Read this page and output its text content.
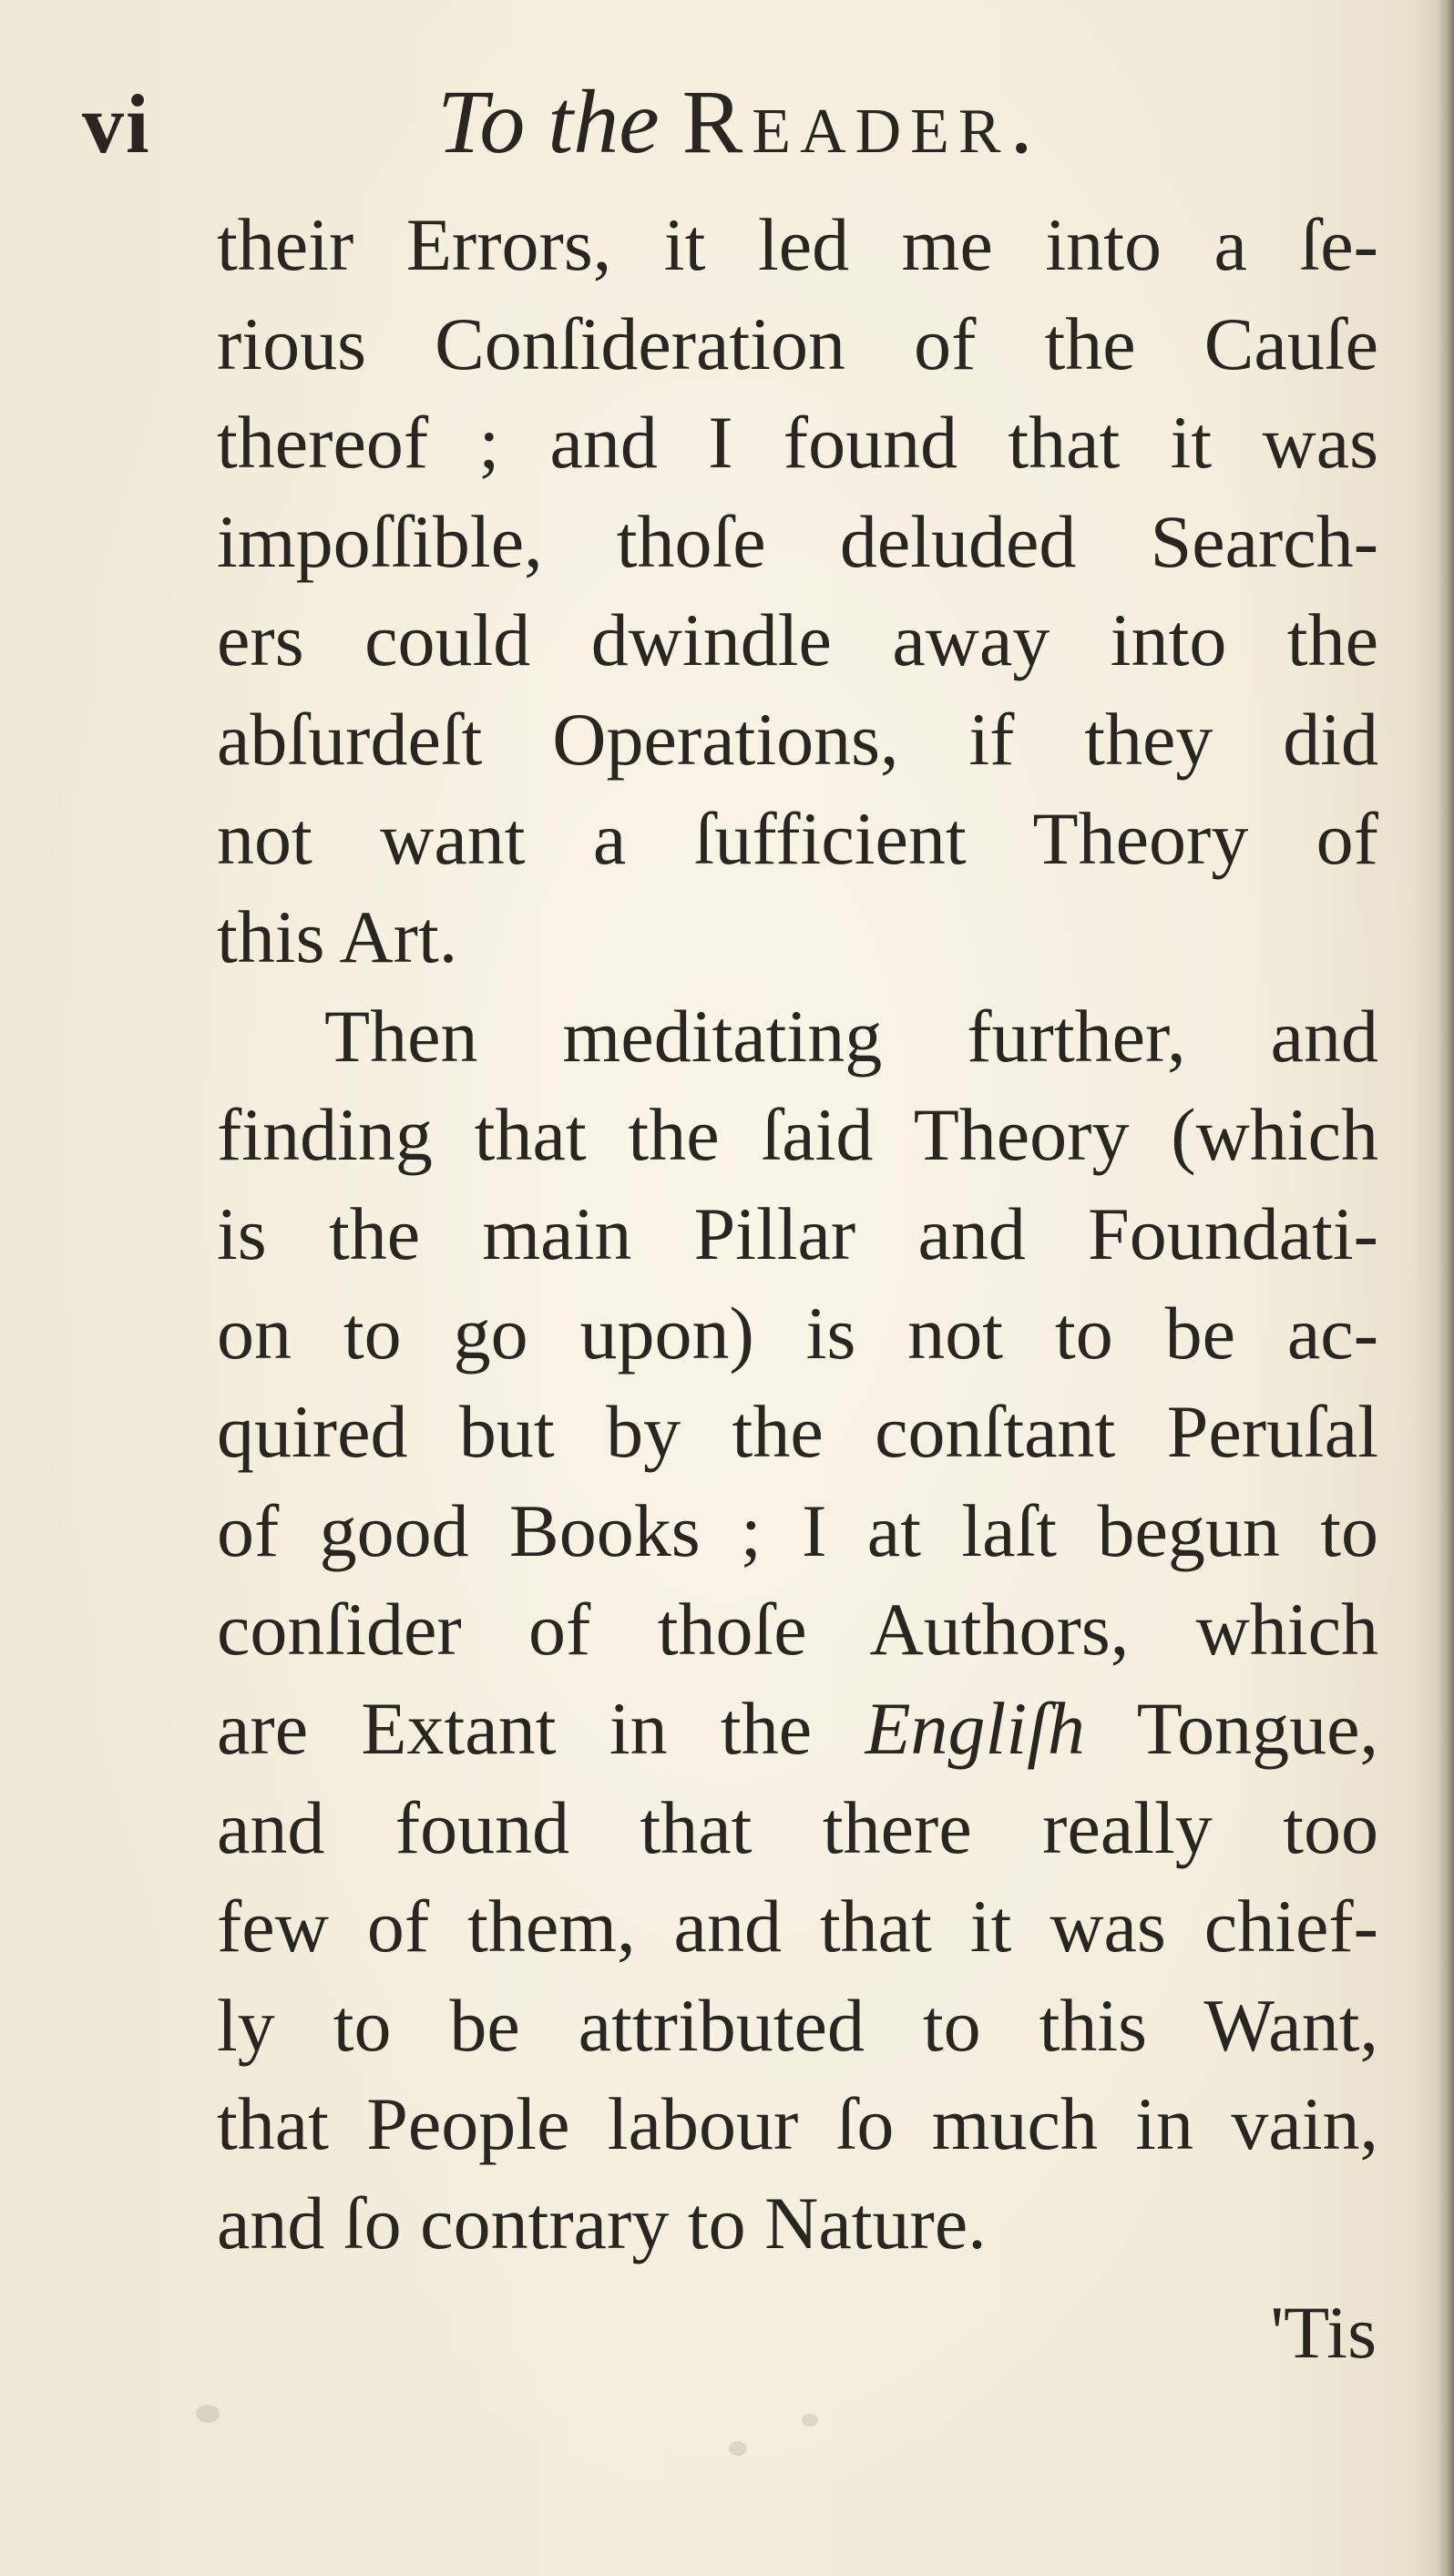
vi	To the Reader.
their Errors, it led me into a ſe-
rious Conſideration of the Cauſe
thereof ; and I found that it was
impoſſible, thoſe deluded Search-
ers could dwindle away into the
abſurdeſt Operations, if they did
not want a ſufficient Theory of
this Art.
Then meditating further, and
finding that the ſaid Theory (which
is the main Pillar and Foundati-
on to go upon) is not to be ac-
quired but by the conſtant Peruſal
of good Books ; I at laſt begun to
conſider of thoſe Authors, which
are Extant in the Engliſh Tongue,
and found that there really too
few of them, and that it was chief-
ly to be attributed to this Want,
that People labour ſo much in vain,
and ſo contrary to Nature.
'Tis
